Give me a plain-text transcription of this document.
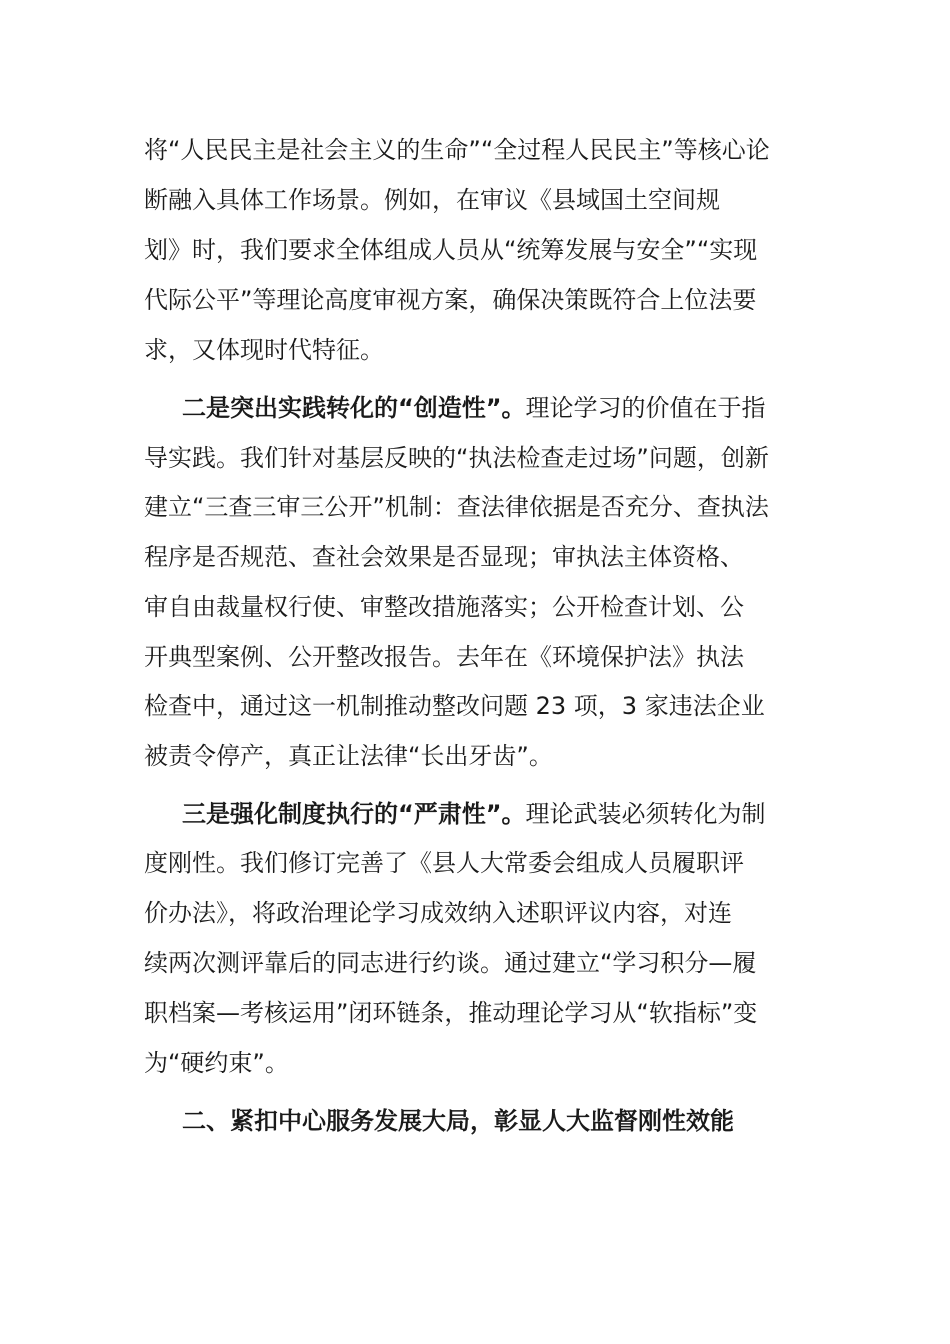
将“人民民主是社会主义的生命”“全过程人民民主”等核心论
断融入具体工作场景。例如，在审议《县域国土空间规
划》时，我们要求全体组成人员从“统筹发展与安全”“实现
代际公平”等理论高度审视方案，确保决策既符合上位法要
求，又体现时代特征。
二是突出实践转化的“创造性”。理论学习的价值在于指
导实践。我们针对基层反映的“执法检查走过场”问题，创新
建立“三查三审三公开”机制：查法律依据是否充分、查执法
程序是否规范、查社会效果是否显现；审执法主体资格、
审自由裁量权行使、审整改措施落实；公开检查计划、公
开典型案例、公开整改报告。去年在《环境保护法》执法
检查中，通过这一机制推动整改问题 23 项，3 家违法企业
被责令停产，真正让法律“长出牙齿”。
三是强化制度执行的“严肃性”。理论武装必须转化为制
度刚性。我们修订完善了《县人大常委会组成人员履职评
价办法》，将政治理论学习成效纳入述职评议内容，对连
续两次测评靠后的同志进行约谈。通过建立“学习积分—履
职档案—考核运用”闭环链条，推动理论学习从“软指标”变
为“硬约束”。
二、紧扣中心服务发展大局，彰显人大监督刚性效能
